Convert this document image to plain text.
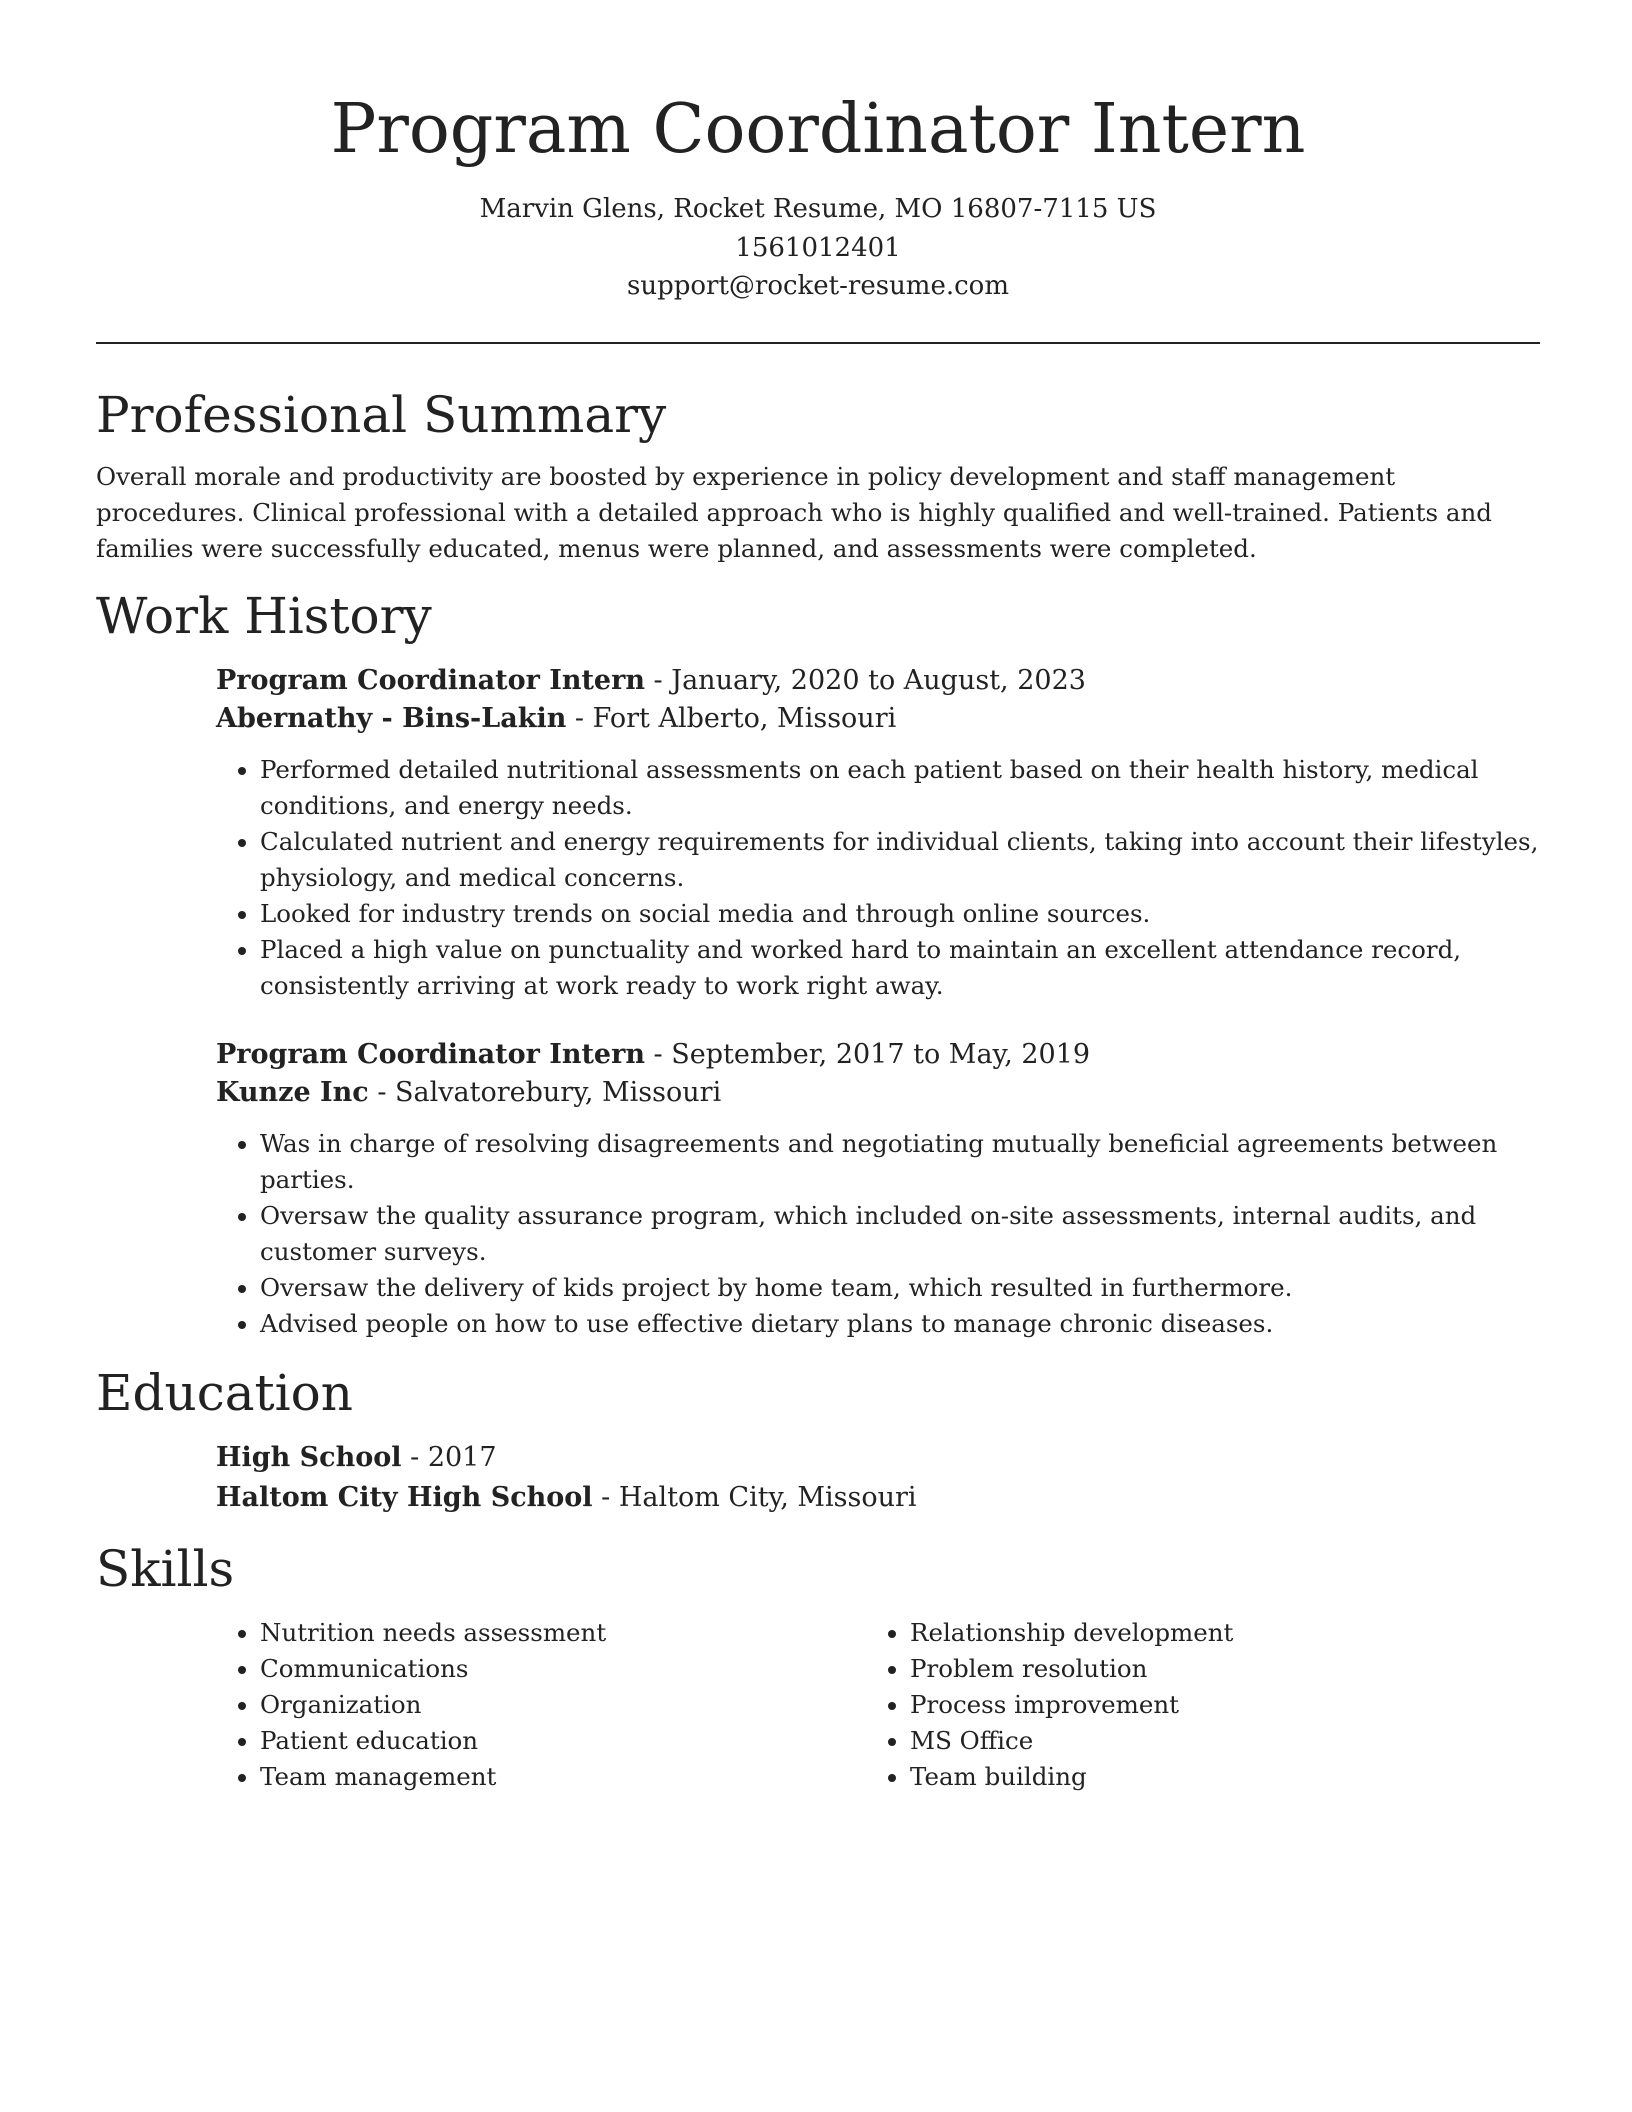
Program Coordinator Intern

Marvin Glens, Rocket Resume, MO 16807-7115 US

1561012401

support@rocket-resume.com

Professional Summary

Overall morale and productivity are boosted by experience in policy development and staff management procedures. Clinical professional with a detailed approach who is highly qualified and well-trained. Patients and families were successfully educated, menus were planned, and assessments were completed.

Work History

Program Coordinator Intern - January, 2020 to August, 2023

Abernathy - Bins-Lakin - Fort Alberto, Missouri

• Performed detailed nutritional assessments on each patient based on their health history, medical conditions, and energy needs.
• Calculated nutrient and energy requirements for individual clients, taking into account their lifestyles, physiology, and medical concerns.
• Looked for industry trends on social media and through online sources.
• Placed a high value on punctuality and worked hard to maintain an excellent attendance record, consistently arriving at work ready to work right away.

Program Coordinator Intern - September, 2017 to May, 2019

Kunze Inc - Salvatorebury, Missouri

• Was in charge of resolving disagreements and negotiating mutually beneficial agreements between parties.
• Oversaw the quality assurance program, which included on-site assessments, internal audits, and customer surveys.
• Oversaw the delivery of kids project by home team, which resulted in furthermore.
• Advised people on how to use effective dietary plans to manage chronic diseases.
Education

High School - 2017

Haltom City High School - Haltom City, Missouri

Skills
• Nutrition needs assessment
• Communications
• Organization
• Patient education
• Team management
• Relationship development
• Problem resolution
• Process improvement
• MS Office
• Team building
